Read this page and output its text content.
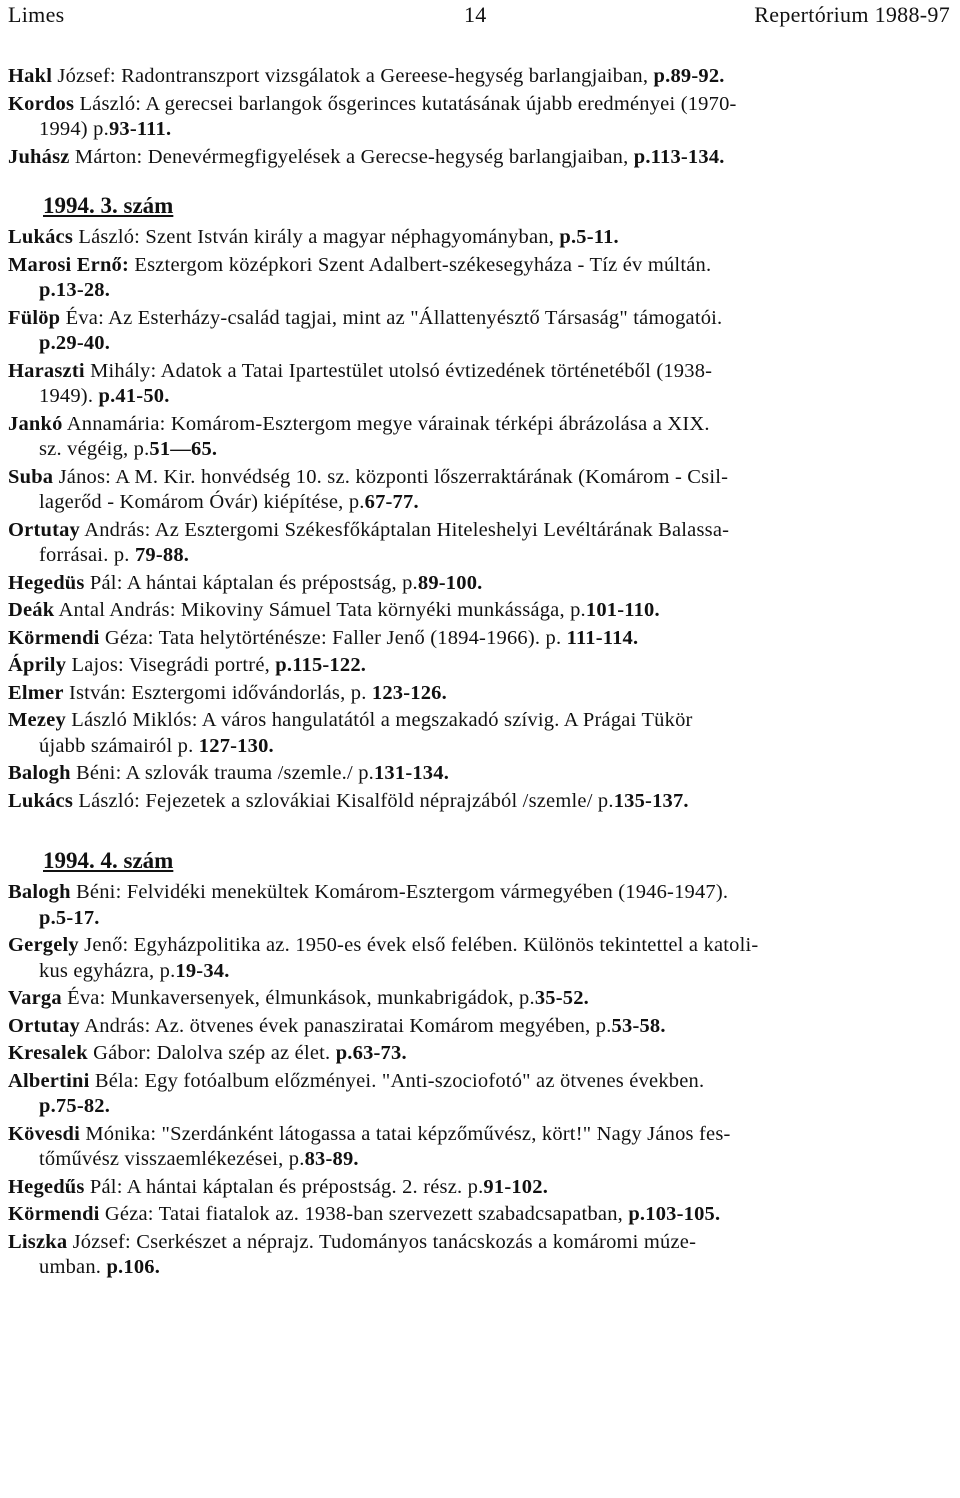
Limes	14	Repertórium 1988-97
Hakl József: Radontranszport vizsgálatok a Gereese-hegység barlangjaiban, p.89-92.
Kordos László: A gerecsei barlangok ősgerinces kutatásának újabb eredményei (1970-
1994) p.93-111.
Juhász Márton: Denevérmegfigyelések a Gerecse-hegység barlangjaiban, p.113-134.
1994. 3. szám
Lukács László: Szent István király a magyar néphagyományban, p.5-11.
Marosi Ernő: Esztergom középkori Szent Adalbert-székesegyháza - Tíz év múltán.
p.13-28.
Fülöp Éva: Az Esterházy-család tagjai, mint az "Állattenyésztő Társaság" támogatói.
p.29-40.
Haraszti Mihály: Adatok a Tatai Ipartestület utolsó évtizedének történetéből (1938-
1949). p.41-50.
Jankó Annamária: Komárom-Esztergom megye várainak térképi ábrázolása a XIX.
sz. végéig, p.51—65.
Suba János: A M. Kir. honvédség 10. sz. központi lőszerraktárának (Komárom - Csil-
lagerőd - Komárom Óvár) kiépítése, p.67-77.
Ortutay András: Az Esztergomi Székesfőkáptalan Hiteleshelyi Levéltárának Balassa-
forrásai. p. 79-88.
Hegedüs Pál: A hántai káptalan és prépostság, p.89-100.
Deák Antal András: Mikoviny Sámuel Tata környéki munkássága, p.101-110.
Körmendi Géza: Tata helytörténésze: Faller Jenő (1894-1966). p. 111-114.
Áprily Lajos: Visegrádi portré, p.115-122.
Elmer István: Esztergomi idővándorlás, p. 123-126.
Mezey László Miklós: A város hangulatától a megszakadó szívig. A Prágai Tükör
újabb számairól p. 127-130.
Balogh Béni: A szlovák trauma /szemle./ p.131-134.
Lukács László: Fejezetek a szlovákiai Kisalföld néprajzából /szemle/ p.135-137.
1994. 4. szám
Balogh Béni: Felvidéki menekültek Komárom-Esztergom vármegyében (1946-1947).
p.5-17.
Gergely Jenő: Egyházpolitika az. 1950-es évek első felében. Különös tekintettel a katoli-
kus egyházra, p.19-34.
Varga Éva: Munkaversenyek, élmunkások, munkabrigádok, p.35-52.
Ortutay András: Az. ötvenes évek panasziratai Komárom megyében, p.53-58.
Kresalek Gábor: Dalolva szép az élet. p.63-73.
Albertini Béla: Egy fotóalbum előzményei. "Anti-szociofotó" az ötvenes években.
p.75-82.
Kövesdi Mónika: "Szerdánként látogassa a tatai képzőművész, kört!" Nagy János fes-
tőművész visszaemlékezései, p.83-89.
Hegedűs Pál: A hántai káptalan és prépostság. 2. rész. p.91-102.
Körmendi Géza: Tatai fiatalok az. 1938-ban szervezett szabadcsapatban, p.103-105.
Liszka József: Cserkészet a néprajz. Tudományos tanácskozás a komáromi múze-
umban. p.106.
